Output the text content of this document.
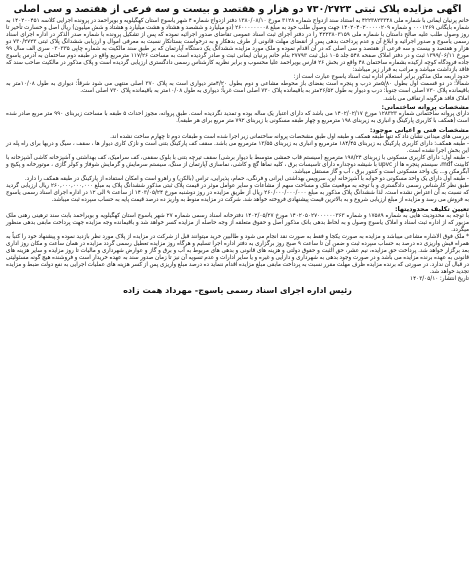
آگهی مزایده پلاک ثبتی ۷۳۰/۲۷۲۳ دو هزار و هفتصد و بیست و سه فرعی از هفتصد و سی اصلی

خانم پرنیان ایمانی با شماره ملی ۴۲۲۳۸۲۳۳۴۸ به استناد سند ازدواج شماره ۳۱۲۸ مورخ ۱۳۸۰/۰۸/۱۰ دفتر ازدواج شماره ۴ شهر یاسوج استان کهگیلویه و بویراحمد در پرونده اجرایی کلاسه ۱۴۰۲۰۰۴۵۱ به شماره بایگانی ۰۰۰۱۲۶۹ و شماره ۱۴۰۲۰۴۰۲۰۰۰۰۰۲۰۹ جهت وصول طلب خود به مبلغ ۲۶۰۰۰۰۰۰۰۰۸ (دو میلیارد و ششصد و هشتاد و هشت میلیارد و هشتاد و شش میلیون) ریال اصل و خسارت تأخیر تا روز وصول طلب علیه صالح داستان با شماره ملی ۴۲۲۳۸۰۳۱۵۹ را در دفتر اجرای ثبت اسناد عمومی تقاضای صدور اجرائیه نموده که پس از تشکیل پرونده با شماره صدر الذکر در اداره اجرای اسناد رسمی یاسوج و صدور اجرائیه و ابلاغ آن و عدم پرداخت بدهی پس از انقضای مهلت قانونی از طرف بدهکار و به درخواست بستانکار نسبت به معرفی اموال و ارزیابی ششدانگ پلاک ثبتی ۷۳۰/۲۷۲۳ دو هزار و هفتصد و بیست و سه فرعی از هفتصد و سی اصلی که در آن اقدام نموده و ملک مورد مزایده ششدانگ یک دستگاه آپارتمان که بر طبق سند مالکیت به شماره چاپی ۰۳۰۳۳۵ سری الف سال ۹۹ مورخ ۱۳۹۹/۰۶/۱۱ ثبت و در دفتر املاک صفحه ۵۴۸ جلد ۱۰۵ ذیل ثبت ۲۷۷۹۳ بنام خانم پرنیان ایمانی ثبت و صادر گردیده است به مساحت ۱۱۷/۲۶ مترمربع واقع در طبقه دوم ساختمان به آدرس یاسوج جاده فرودگاه کوچه ارکیده بشماره ساختمان ۴۸ واقع در بخش ۲۶ فارس بویراحمد علیا محسوب و برابر نظریه کارشناس رسمی دادگستری ارزیابی گردیده است و پلاک مذکور در مالکیت صاحب سند که فاقد بازداشت میباشد و مراتب به قرار زیر میباشد:

حدود اربعه ملک مذکور برابر استعلام اداره ثبت اسناد یاسوج عبارت است از:

شمالاً: در دو قسمت اول بطول ۵/۸۰متر درب و پنجره است بفضای باز محوطه مشاعی و دوم بطول ۴/۲۰متر دیواری است به پلاک ۳۷۰ اصلی منتهی می شود شرقاً: دیواری به طول ۱۰/۰۸متر به باقیمانده پلاک ۷۳۰ اصلی است جنوباً: درب و دیوار به طول ۲۶/۵۲متر به باقیمانده پلاک ۷۳۰ اصلی است غرباً: دیواری به طول ۱۰/۰۸متر به باقیمانده پلاک ۷۳۰ اصلی است.

املاک فاقد هرگونه ارتفاقی می باشد.

مشخصات پروانه ساختمانی:

دارای پروانه ساختمانی شماره ۱۲۸۳۲۳ مورخ ۱۴۰۲/۰۲/۱۷ می باشد که دارای اعتبار یک ساله بوده و تمدید نگردیده است. طبق پروانه، مجوز احداث ۵ طبقه با مساحت زیربنای ۹۹۰ متر مربع صادر شده است (همکف با کاربری پارکینگ و انباری به زیربنای ۱۹۸ مترمربع و چهار طبقه مسکونی با زیربنای ۷۹۲ متر مربع برای هر طبقه).

مشخصات فنی و اعیانی موجود:

بررسی های میدانی نشان داد که تنها طبقه همکف و طبقه اول طبق مشخصات پروانه ساختمانی زیر اجرا شده است و طبقات دوم تا چهارم ساخت نشده اند.

- طبقه همکف: دارای کاربری پارکینگ به زیربنای ۱۸۴/۴۵ مترمربع و انباری به زیربنای ۱۳/۵۵ مترمربع می باشد. سقف کف پارکینگ بتنی است و نازک کاری دیوار ها ، سقف ، سیگ و دربها برای راه پله در این بخش اجرا نشده است.

- طبقه اول: دارای کاربری مسکونی با زیربنای ۱۹۸/۲۴ مترمربع (سیستم قاب خمشی متوسط با دیوار برشی) سقف تیرچه بتنی با بلوک سقفی، کف سرامیک، کف بهداشتی و آشپزخانه کاشی آشپزخانه با کابینت mdf، سیستم پنجره ها از upvc با شیشه دوجداره دارای تاسیسات برق ، کلیه نماها گچ و کاشی، نماسازی آپارتمان از سنگ، سیستم سرمایش و گرمایش شوفاژ و کولر گازی ، موتورخانه و پکیج و آبگرمکن و... یک واحد مسکونی است و کنتور برق ، آب و گاز مستقل میباشد.

- طبقه اول دارای یک واحد مسکونی دو خوابه با آشپزخانه اپن، سرویس بهداشتی ایرانی و فرنگی، حمام، پذیرایی، تراس (بالکن) و راهرو است و امکان استفاده از پارکینگ در طبقه همکف را دارد.

طبق نظر کارشناس رسمی دادگستری و با توجه به موقعیت ملک و مساحت سهم از مشاعات و سایر عوامل موثر در قیمت پلاک ثبتی مذکور ششدانگ پلاک به مبلغ ۲۶۰,۰۰۰,۰۰۰,۰۰۰ ریال ارزیابی گردید که نسبت به آن اعتراض نشده است. لذا ششدانگ پلاک مذکور به مبلغ ۲۶۰/۰۰۰/۰۰۰/۰۰۰ ریال از طریق مزایده در روز دوشنبه مورخ ۱۴۰۳/۰۵/۲۴ از ساعت ۹ الی ۱۲ در اداره اجرای اسناد رسمی یاسوج به فروش می رسد و مزایده از مبلغ ارزیابی شروع و به بالاترین قیمت پیشنهادی فروخته خواهد شد. شرکت در مزایده منوط به واریز ده درصد قیمت پایه به حساب سپرده ثبت میباشد.

تعیین تکلیف محدودیتها:

با توجه به محدودیت هایی به شماره ۱۷۵۸۹ و شماره ۱۴۰۲۰۵۰۲۷۰۰۰۰۰۰۳۶۳ مورخ ۱۴۰۲/۰۵/۲۷ دفترخانه اسناد رسمی شماره ۲۷ شهر یاسوج استان کهگیلویه و بویراحمد بابت سند ترهینی رهنی ملک مزبور که از اداره ثبت اسناد و املاک یاسوج وصول و به لحاظ بدهی بانک مذکور اصل و حقوق متعلقه از وجه حاصله از مزایده کسر خواهد شد و باقیمانده وجه مزایده جهت پرداخت مابقی بدهی منظور میگردد.

* ملک فوق الاشاره مشاعی میباشد و مزایده به صورت یکجا و فقط به صورت نقد انجام می شود و طالبین خرید میتوانند قبل از شرکت در مزایده از پلاک مورد نظر بازدید نموده و پیشنهاد خود را کتباً به همراه فیش واریزی ده درصد به حساب سپرده ثبت و ضمن آن تا ساعت ۹ صبح روز برگزاری به دفتر اداره اجرا تسلیم و هرگاه روز مزایده تعطیل رسمی گردد مزایده در همان ساعت و مکان روز اداری بعد برگزار خواهد شد. پرداخت حق مزایده، نیم عشر، حق الثبت و حقوق دولتی و هزینه های قانونی و بدهی های مربوط به آب و برق و گاز و عوارض شهرداری و مالیات تا روز مزایده و سایر هزینه های قانونی به عهده برنده مزایده می باشد و در صورت وجود بدهی به شهرداری و دارایی و غیره و یا سایر ادارات و عدم تسویه آن نیز تا زمان صدور سند به عهده خریدار است و فروشنده هیچ گونه مسئولیتی در قبال آن ندارد. در صورتی که برنده مزایده ظرف مهلت مقرر نسبت به پرداخت مابقی مبلغ مزایده اقدام ننماید ده درصد مبلغ واریزی پس از کسر هزینه های عملیات اجرایی به نفع دولت ضبط و مزایده تجدید خواهد شد.

تاریخ انتشار: ۱۴۰۳/۰۵/۱۰

رئیس اداره اجرای اسناد رسمی یاسوج- مهرداد همت زاده
